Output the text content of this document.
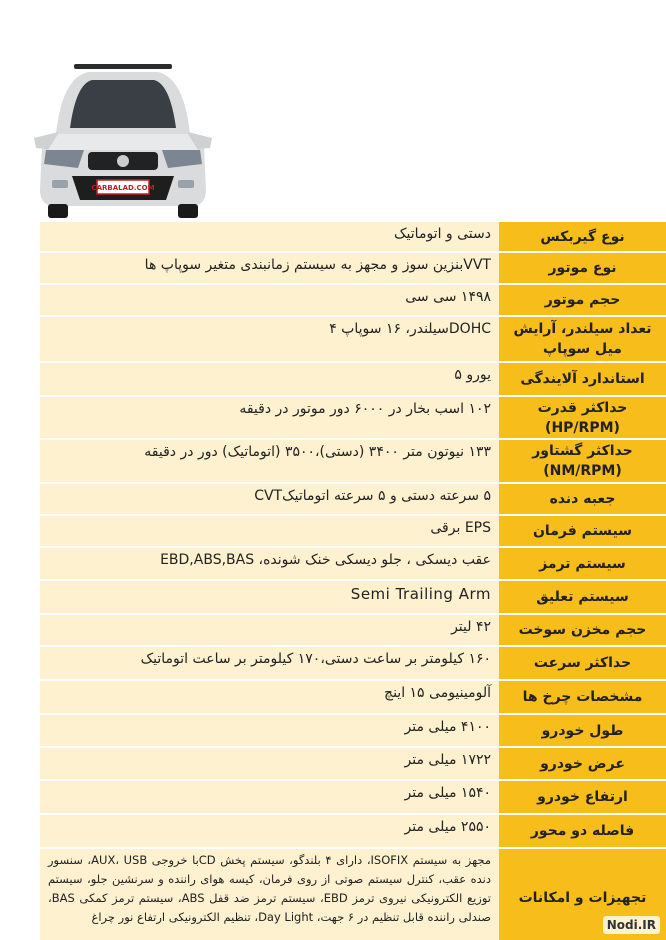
CARBALAD.COM
نوع گیربکس
دستی و اتوماتیک
نوع موتور
VVTبنزین سوز و مجهز به سیستم زمانبندی متغیر سوپاپ ها
حجم موتور
۱۴۹۸ سی سی
تعداد سیلندر، آرایش میل سوپاپ
DOHCسیلندر، ۱۶ سوپاپ ۴
استاندارد آلایندگی
یورو ۵
حداکثر قدرت (HP/RPM)
۱۰۲ اسب بخار در ۶۰۰۰ دور موتور در دقیقه
حداکثر گشتاور (NM/RPM)
۱۳۳ نیوتون متر ۳۴۰۰ (دستی)،۳۵۰۰ (اتوماتیک) دور در دقیقه
جعبه دنده
۵ سرعته دستی و ۵ سرعته اتوماتیکCVT
سیستم فرمان
EPS برقی
سیستم ترمز
عقب دیسکی ، جلو دیسکی خنک شونده، EBD,ABS,BAS
سیستم تعلیق
Semi Trailing Arm
حجم مخزن سوخت
۴۲ لیتر
حداکثر سرعت
۱۶۰ کیلومتر بر ساعت دستی،۱۷۰ کیلومتر بر ساعت اتوماتیک
مشخصات چرخ ها
آلومینیومی ۱۵ اینچ
طول خودرو
۴۱۰۰ میلی متر
عرض خودرو
۱۷۲۲ میلی متر
ارتفاع خودرو
۱۵۴۰ میلی متر
فاصله دو محور
۲۵۵۰ میلی متر
تجهیزات و امکانات
مجهز به سیستم ISOFIX، دارای ۴ بلندگو، سیستم پخش CDبا خروجی AUX، USB، سنسور دنده عقب، کنترل سیستم صوتی از روی فرمان، کیسه هوای راننده و سرنشین جلو، سیستم توزیع الکترونیکی نیروی ترمز EBD، سیستم ترمز ضد قفل ABS، سیستم ترمز کمکی BAS، صندلی راننده قابل تنظیم در ۶ جهت، Day Light، تنظیم الکترونیکی ارتفاع نور چراغ
Nodi.IR
